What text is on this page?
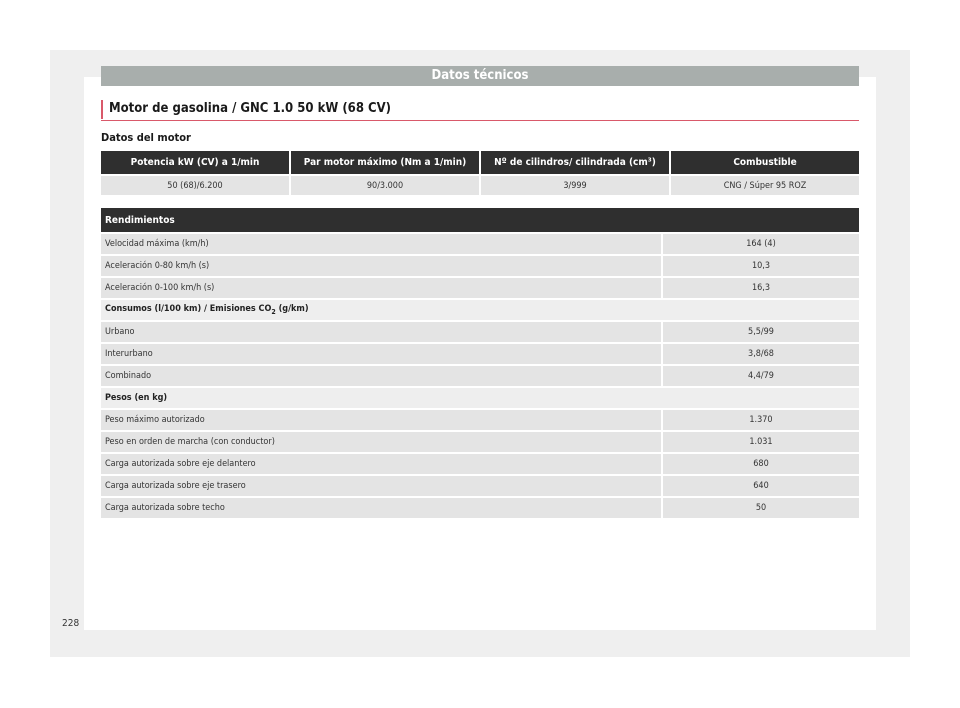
Datos técnicos
Motor de gasolina / GNC 1.0 50 kW (68 CV)
Datos del motor
Potencia kW (CV) a 1/min	Par motor máximo (Nm a 1/min)	Nº de cilindros/ cilindrada (cm³)	Combustible
50 (68)/6.200	90/3.000	3/999	CNG / Súper 95 ROZ
Rendimientos	
Velocidad máxima (km/h)	164 (4)
Aceleración 0-80 km/h (s)	10,3
Aceleración 0-100 km/h (s)	16,3
Consumos (l/100 km) / Emisiones $CO_2$ (g/km)	
Urbano	5,5/99
Interurbano	3,8/68
Combinado	4,4/79
Pesos (en kg)	
Peso máximo autorizado	1.370
Peso en orden de marcha (con conductor)	1.031
Carga autorizada sobre eje delantero	680
Carga autorizada sobre eje trasero	640
Carga autorizada sobre techo	50
228
